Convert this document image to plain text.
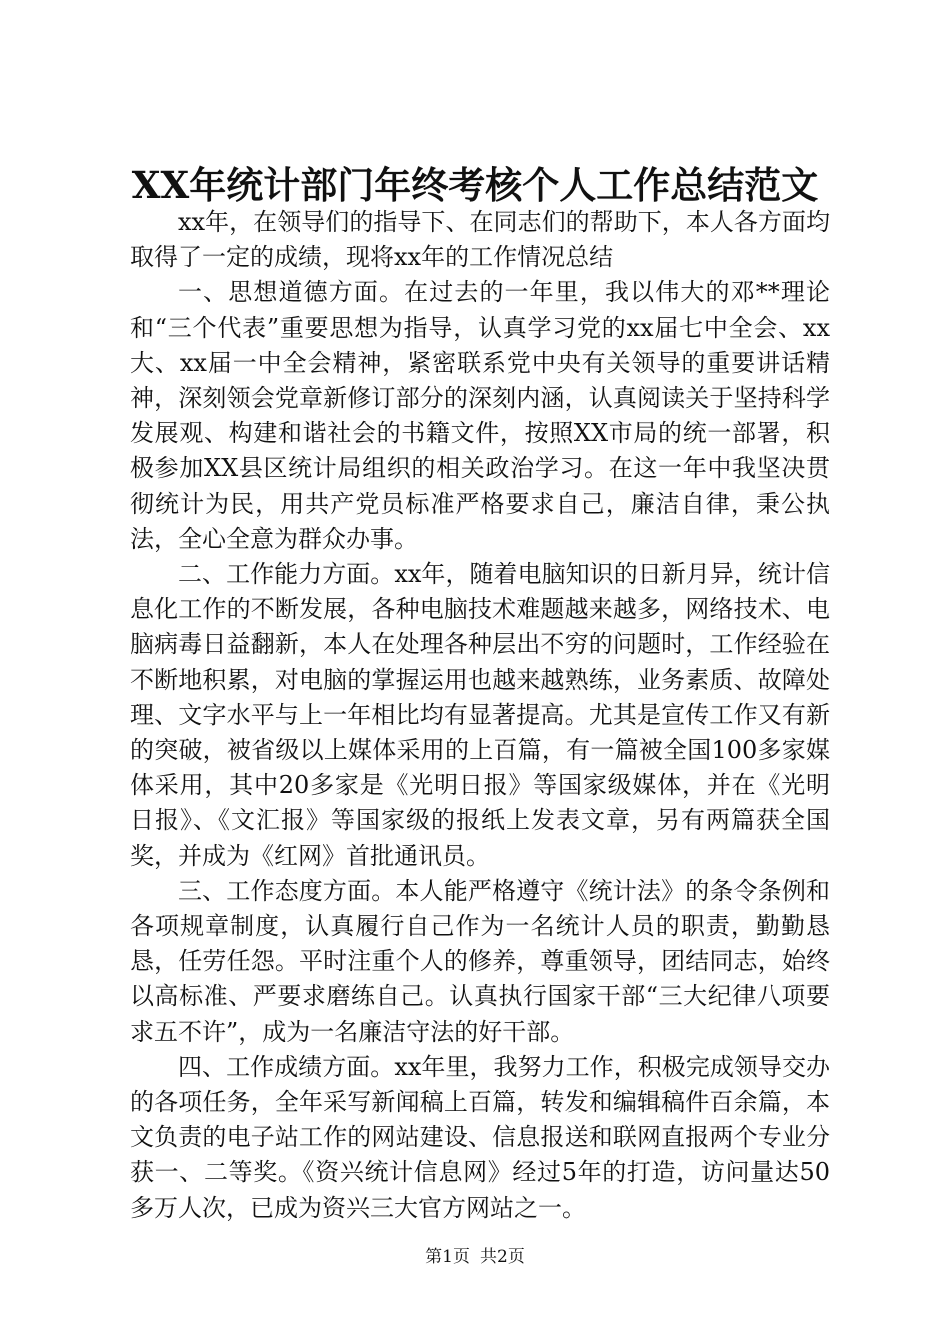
XX年统计部门年终考核个人工作总结范文

xx年，在领导们的指导下、在同志们的帮助下，本人各方面均取得了一定的成绩，现将xx年的工作情况总结

一、思想道德方面。在过去的一年里，我以伟大的邓**理论和“三个代表”重要思想为指导，认真学习党的xx届七中全会、xx大、xx届一中全会精神，紧密联系党中央有关领导的重要讲话精神，深刻领会党章新修订部分的深刻内涵，认真阅读关于坚持科学发展观、构建和谐社会的书籍文件，按照XX市局的统一部署，积极参加XX县区统计局组织的相关政治学习。在这一年中我坚决贯彻统计为民，用共产党员标准严格要求自己，廉洁自律，秉公执法，全心全意为群众办事。

二、工作能力方面。xx年，随着电脑知识的日新月异，统计信息化工作的不断发展，各种电脑技术难题越来越多，网络技术、电脑病毒日益翻新，本人在处理各种层出不穷的问题时，工作经验在不断地积累，对电脑的掌握运用也越来越熟练，业务素质、故障处理、文字水平与上一年相比均有显著提高。尤其是宣传工作又有新的突破，被省级以上媒体采用的上百篇，有一篇被全国100多家媒体采用，其中20多家是《光明日报》等国家级媒体，并在《光明日报》、《文汇报》等国家级的报纸上发表文章，另有两篇获全国奖，并成为《红网》首批通讯员。

三、工作态度方面。本人能严格遵守《统计法》的条令条例和各项规章制度，认真履行自己作为一名统计人员的职责，勤勤恳恳，任劳任怨。平时注重个人的修养，尊重领导，团结同志，始终以高标准、严要求磨练自己。认真执行国家干部“三大纪律八项要求五不许”，成为一名廉洁守法的好干部。

四、工作成绩方面。xx年里，我努力工作，积极完成领导交办的各项任务，全年采写新闻稿上百篇，转发和编辑稿件百余篇，本文负责的电子站工作的网站建设、信息报送和联网直报两个专业分获一、二等奖。《资兴统计信息网》经过5年的打造，访问量达50多万人次，已成为资兴三大官方网站之一。

第1页 共2页
